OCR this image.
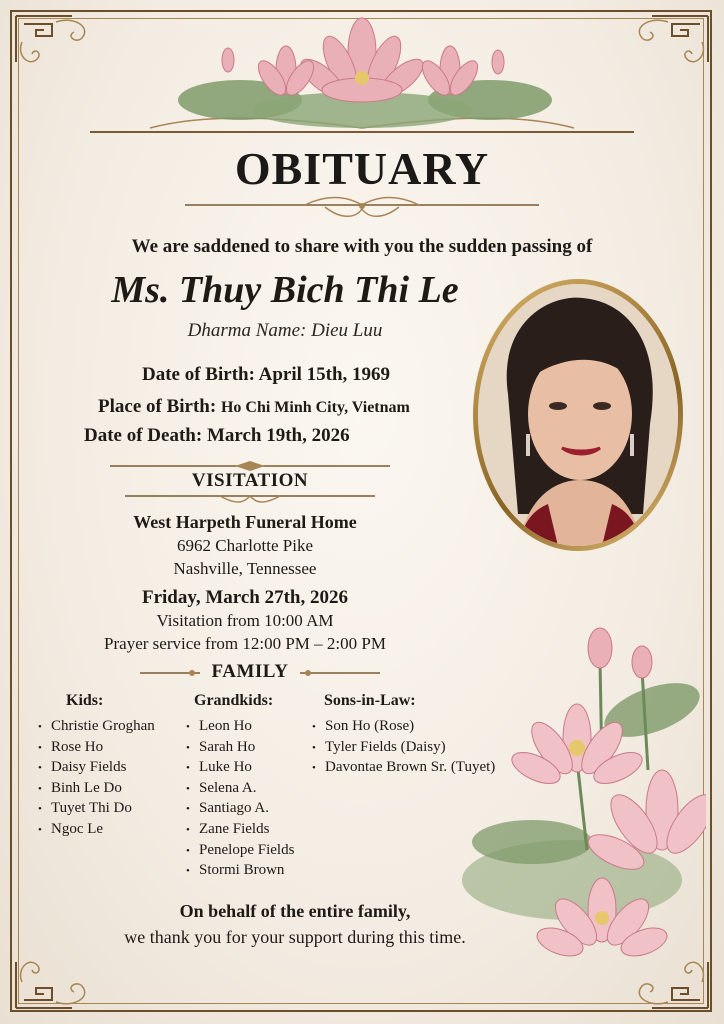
OBITUARY
We are saddened to share with you the sudden passing of
Ms. Thuy Bich Thi Le
Dharma Name: Dieu Luu
Date of Birth: April 15th, 1969
Place of Birth: Ho Chi Minh City, Vietnam
Date of Death: March 19th, 2026
VISITATION
West Harpeth Funeral Home
6962 Charlotte Pike
Nashville, Tennessee
Friday, March 27th, 2026
Visitation from 10:00 AM
Prayer service from 12:00 PM – 2:00 PM
FAMILY
Kids:
• Christie Groghan
• Rose Ho
• Daisy Fields
• Binh Le Do
• Tuyet Thi Do
• Ngoc Le
Grandkids:
• Leon Ho
• Sarah Ho
• Luke Ho
• Selena A.
• Santiago A.
• Zane Fields
• Penelope Fields
• Stormi Brown
Sons-in-Law:
• Son Ho (Rose)
• Tyler Fields (Daisy)
• Davontae Brown Sr. (Tuyet)
On behalf of the entire family,
we thank you for your support during this time.
